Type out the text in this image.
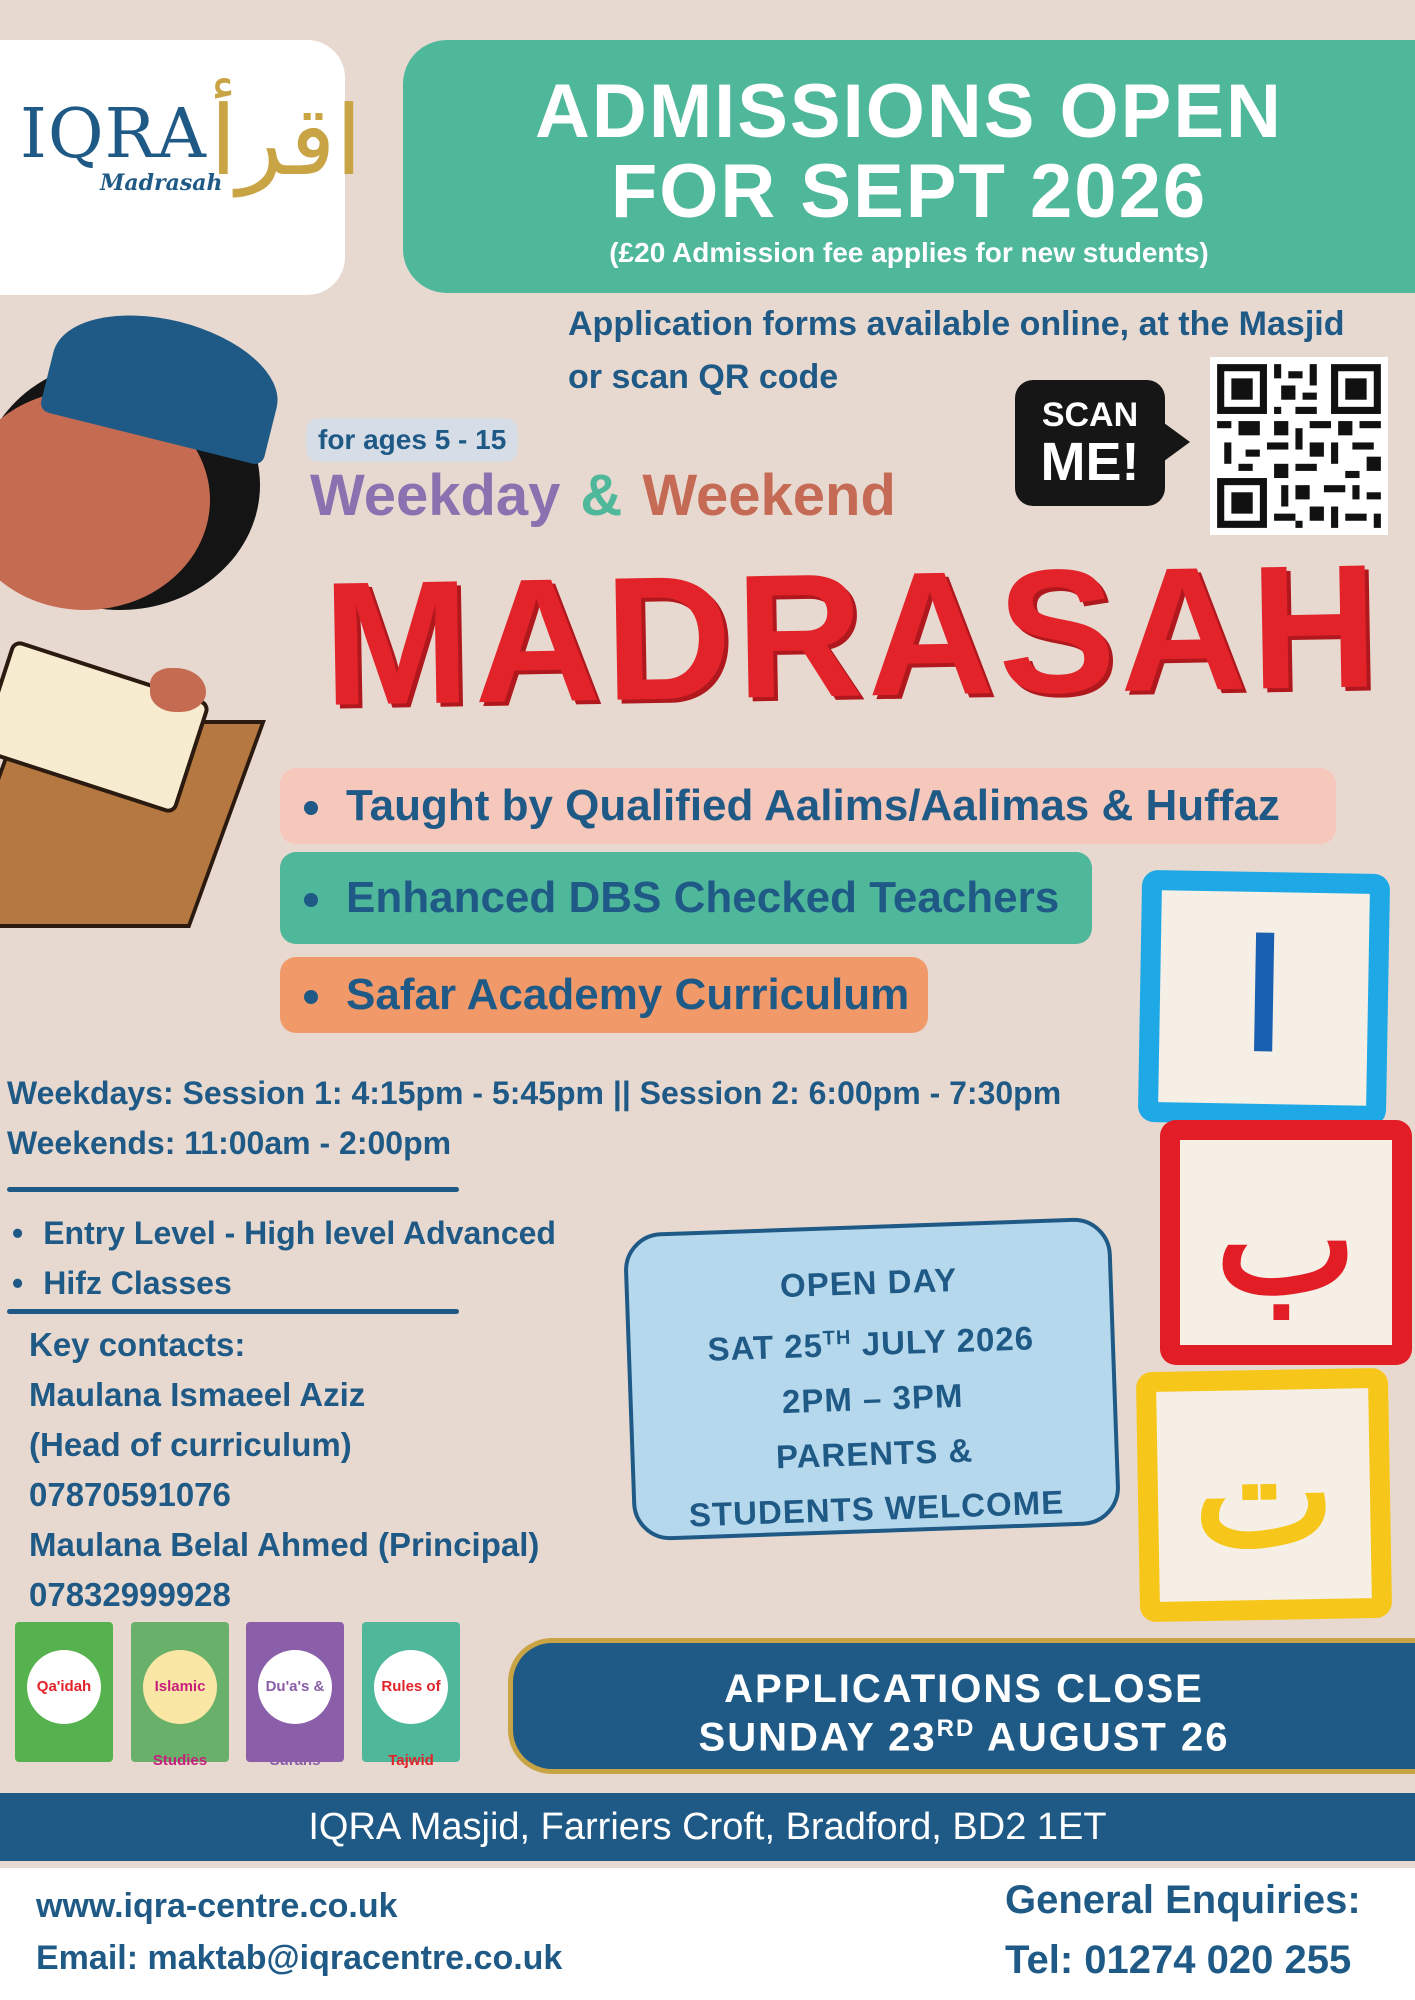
اقرأ
IQRA
Madrasah
ADMISSIONS OPEN
FOR SEPT 2026
(£20 Admission fee applies for new students)
Application forms available online, at the Masjid
or scan QR code
SCAN
ME!
for ages 5 - 15
Weekday & Weekend
MADRASAH
Taught by Qualified Aalims/Aalimas & Huffaz
Enhanced DBS Checked Teachers
Safar Academy Curriculum
Weekdays: Session 1: 4:15pm - 5:45pm || Session 2: 6:00pm - 7:30pm
Weekends: 11:00am - 2:00pm
• Entry Level - High level Advanced
• Hifz Classes
Key contacts:
Maulana Ismaeel Aziz
(Head of curriculum)
07870591076
Maulana Belal Ahmed (Principal)
07832999928
OPEN DAY
SAT 25TH JULY 2026
2PM – 3PM
PARENTS &
STUDENTS WELCOME
ا
ب
ت
Qa'idah	Islamic Studies
Du'a's & Surahs
Rules of Tajwid
APPLICATIONS CLOSE
SUNDAY 23RD AUGUST 26
IQRA Masjid, Farriers Croft, Bradford, BD2 1ET
www.iqra-centre.co.uk
Email: maktab@iqracentre.co.uk
General Enquiries:
Tel: 01274 020 255
